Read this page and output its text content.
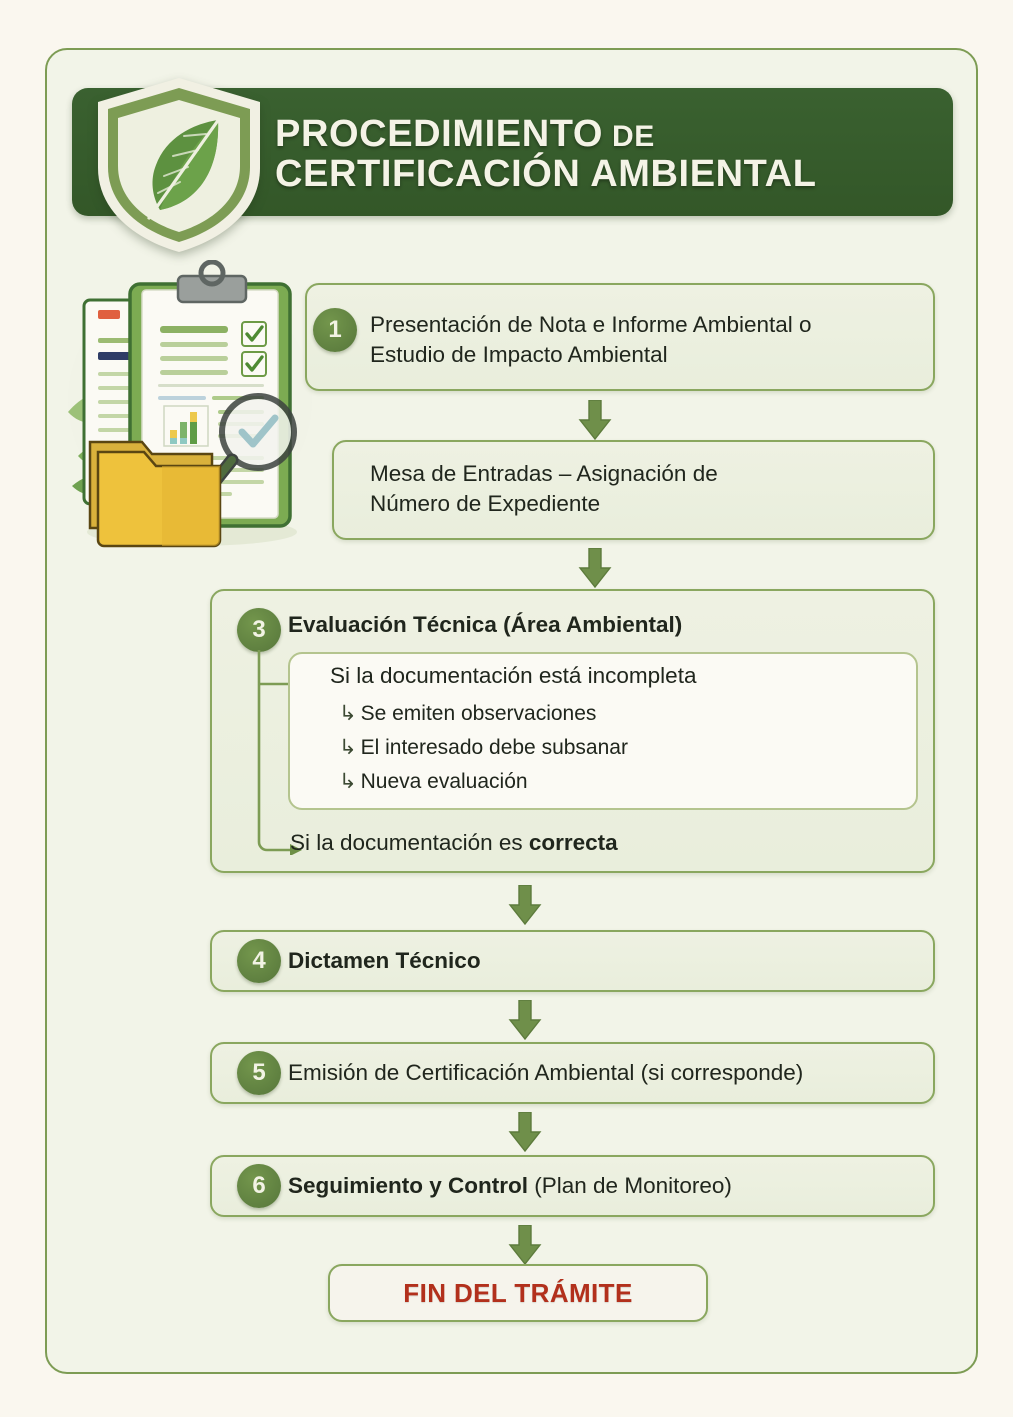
PROCEDIMIENTO DE
CERTIFICACIÓN AMBIENTAL
1	Presentación de Nota e Informe Ambiental o
Estudio de Impacto Ambiental
Mesa de Entradas – Asignación de
Número de Expediente
3 Evaluación Técnica (Área Ambiental)
Si la documentación está incompleta
↳ Se emiten observaciones
↳ El interesado debe subsanar
↳ Nueva evaluación
Si la documentación es correcta
4 Dictamen Técnico
5 Emisión de Certificación Ambiental (si corresponde)
6 Seguimiento y Control (Plan de Monitoreo)
FIN DEL TRÁMITE
